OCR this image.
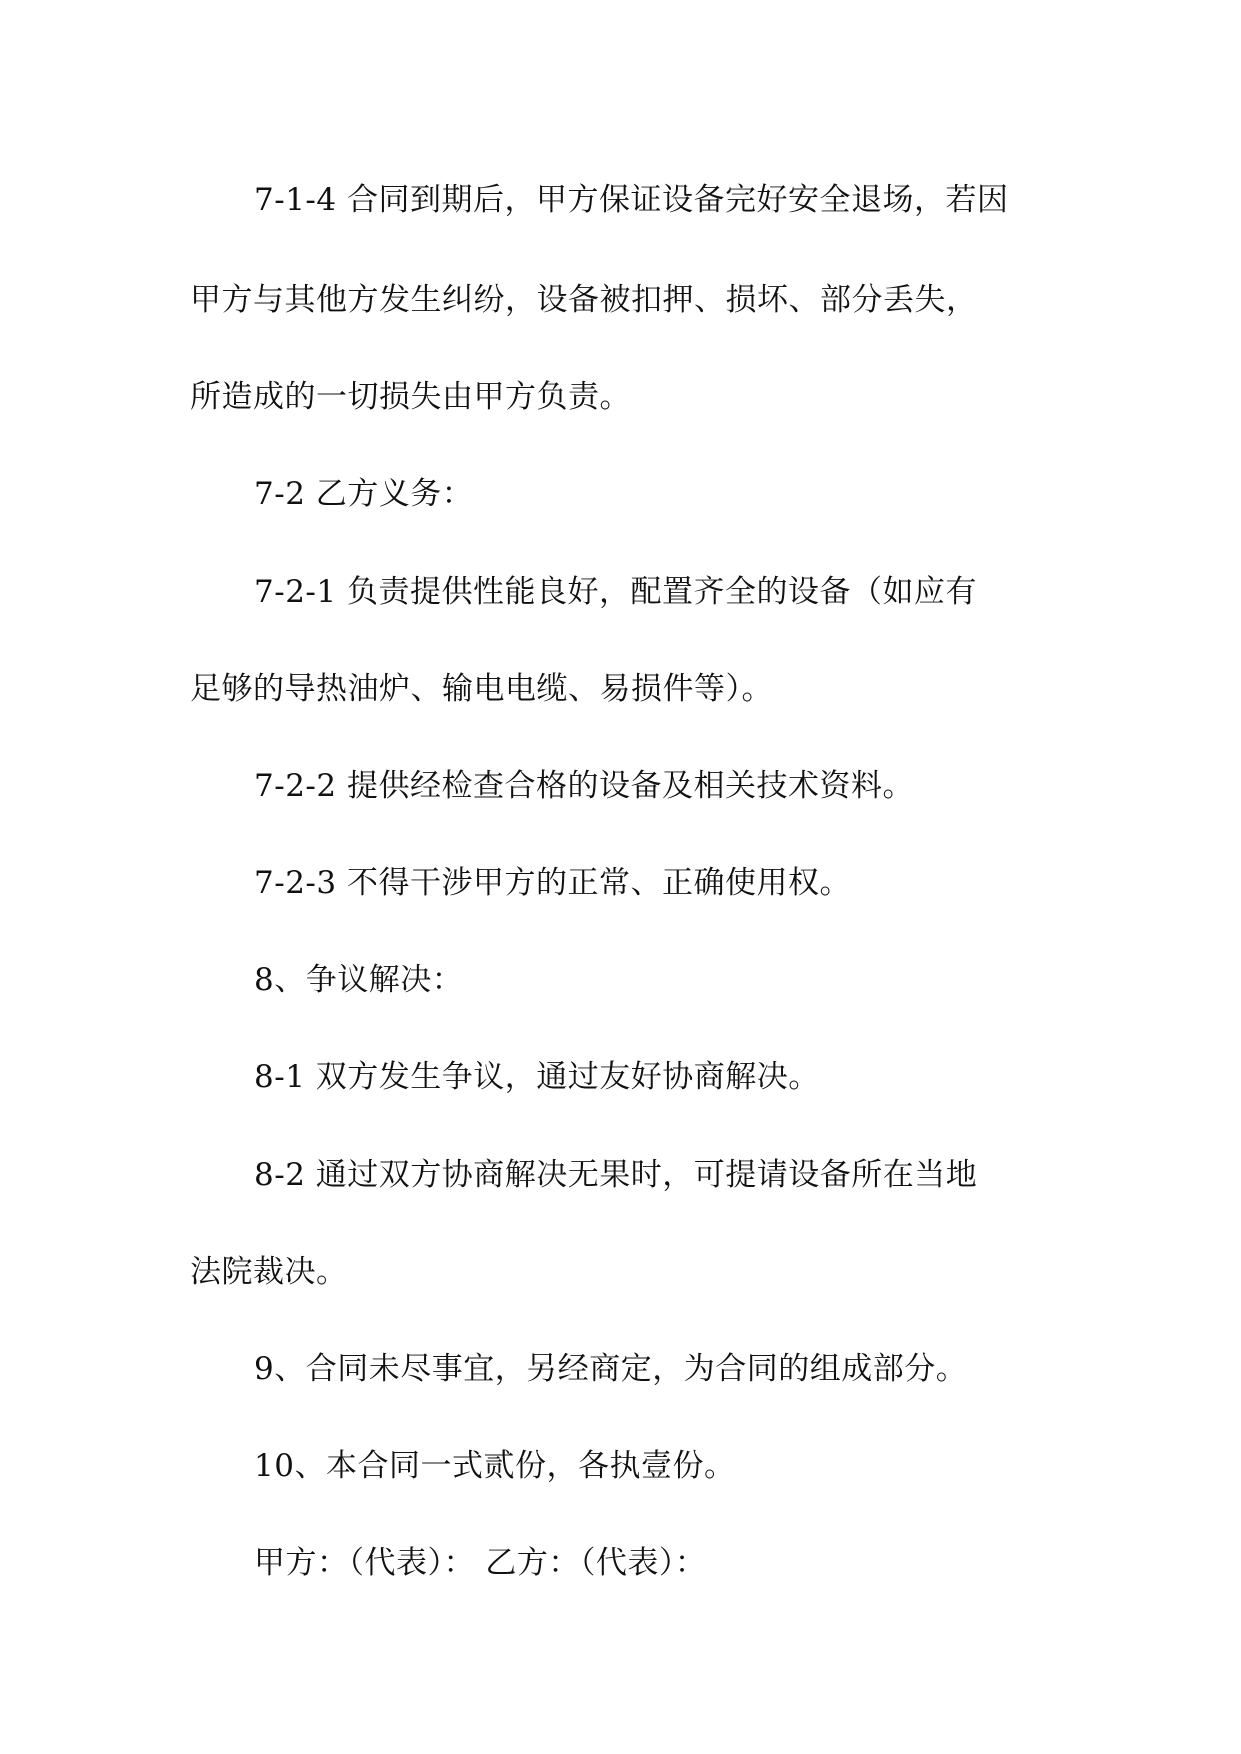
7-1-4 合同到期后，甲方保证设备完好安全退场，若因
甲方与其他方发生纠纷，设备被扣押、损坏、部分丢失，
所造成的一切损失由甲方负责。
7-2 乙方义务：
7-2-1 负责提供性能良好，配置齐全的设备（如应有
足够的导热油炉、输电电缆、易损件等）。
7-2-2 提供经检查合格的设备及相关技术资料。
7-2-3 不得干涉甲方的正常、正确使用权。
8、争议解决：
8-1 双方发生争议，通过友好协商解决。
8-2 通过双方协商解决无果时，可提请设备所在当地
法院裁决。
9、合同未尽事宜，另经商定，为合同的组成部分。
10、本合同一式贰份，各执壹份。
甲方：（代表）： 乙方：（代表）：
